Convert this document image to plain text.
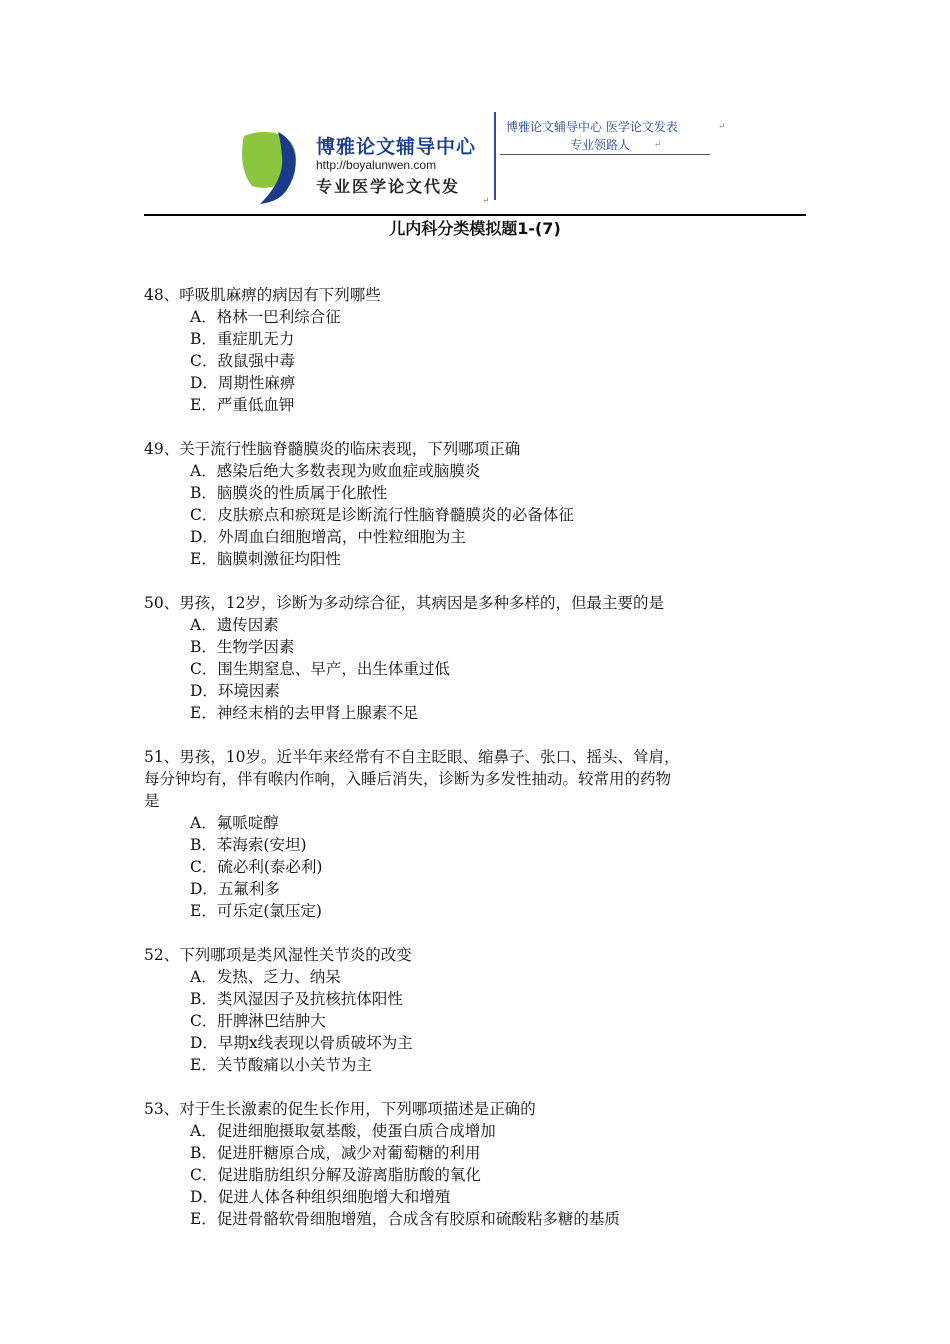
博雅论文辅导中心
http://boyalunwen.com
专业医学论文代发
博雅论文辅导中心 医学论文发表
专业领路人
↵
↵
↵
儿内科分类模拟题1-(7)
48、呼吸肌麻痹的病因有下列哪些
A．格林一巴利综合征
B．重症肌无力
C．敌鼠强中毒
D．周期性麻痹
E．严重低血钾
49、关于流行性脑脊髓膜炎的临床表现，下列哪项正确
A．感染后绝大多数表现为败血症或脑膜炎
B．脑膜炎的性质属于化脓性
C．皮肤瘀点和瘀斑是诊断流行性脑脊髓膜炎的必备体征
D．外周血白细胞增高，中性粒细胞为主
E．脑膜刺激征均阳性
50、男孩，12岁，诊断为多动综合征，其病因是多种多样的，但最主要的是
A．遗传因素
B．生物学因素
C．围生期窒息、早产，出生体重过低
D．环境因素
E．神经末梢的去甲肾上腺素不足
51、男孩，10岁。近半年来经常有不自主眨眼、缩鼻子、张口、摇头、耸肩，
每分钟均有，伴有喉内作响，入睡后消失，诊断为多发性抽动。较常用的药物
是
A．氟哌啶醇
B．苯海索(安坦)
C．硫必利(泰必利)
D．五氟利多
E．可乐定(氯压定)
52、下列哪项是类风湿性关节炎的改变
A．发热、乏力、纳呆
B．类风湿因子及抗核抗体阳性
C．肝脾淋巴结肿大
D．早期x线表现以骨质破坏为主
E．关节酸痛以小关节为主
53、对于生长激素的促生长作用，下列哪项描述是正确的
A．促进细胞摄取氨基酸，使蛋白质合成增加
B．促进肝糖原合成，减少对葡萄糖的利用
C．促进脂肪组织分解及游离脂肪酸的氧化
D．促进人体各种组织细胞增大和增殖
E．促进骨骼软骨细胞增殖，合成含有胶原和硫酸粘多糖的基质
